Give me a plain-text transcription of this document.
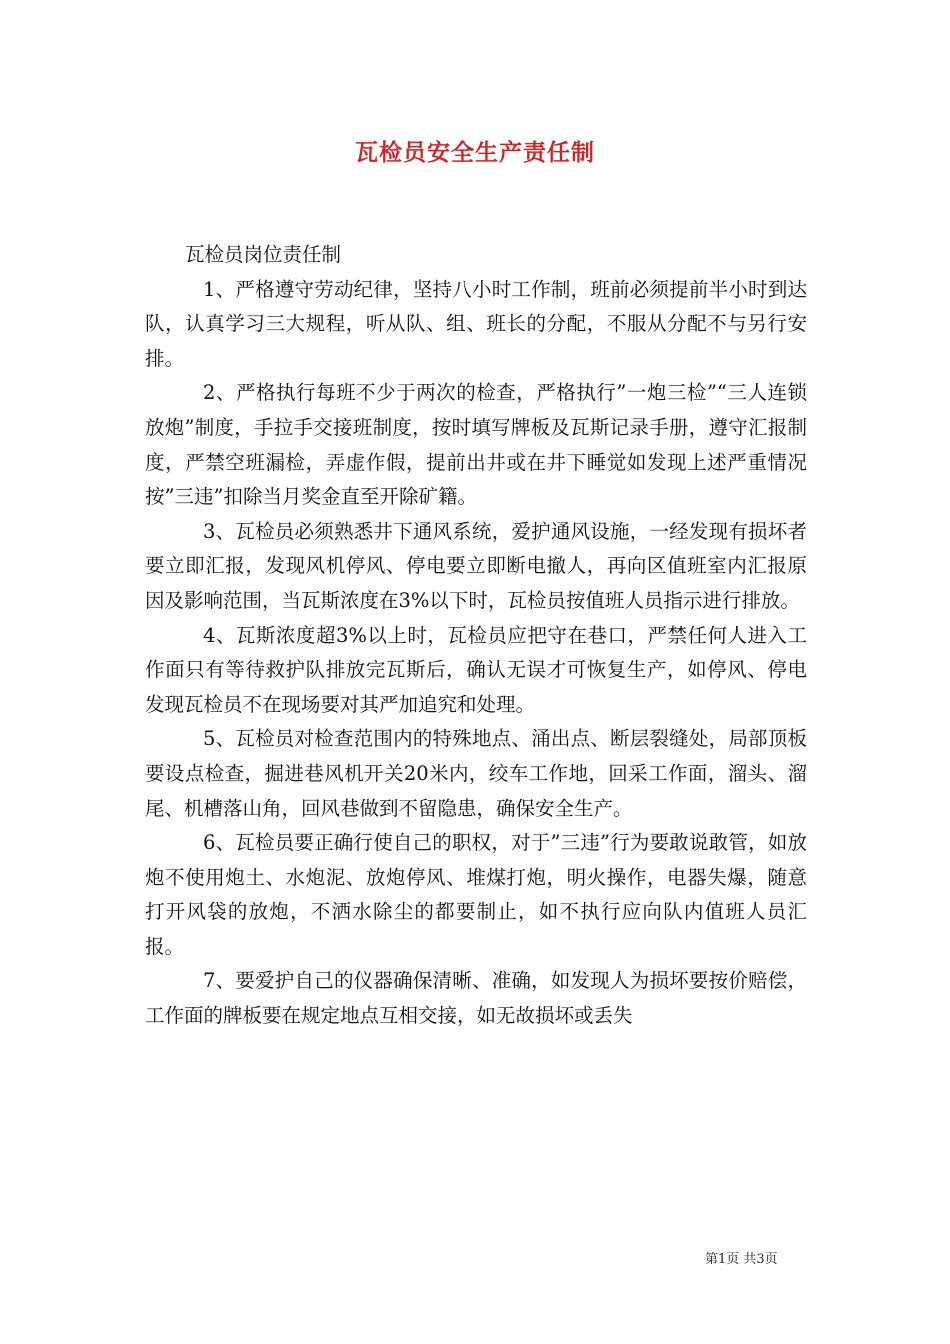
瓦检员安全生产责任制
瓦检员岗位责任制

1、严格遵守劳动纪律，坚持八小时工作制，班前必须提前半小时到达队，认真学习三大规程，听从队、组、班长的分配，不服从分配不与另行安排。

2、严格执行每班不少于两次的检查，严格执行”一炮三检”“三人连锁放炮”制度，手拉手交接班制度，按时填写牌板及瓦斯记录手册，遵守汇报制度，严禁空班漏检，弄虚作假，提前出井或在井下睡觉如发现上述严重情况按”三违”扣除当月奖金直至开除矿籍。

3、瓦检员必须熟悉井下通风系统，爱护通风设施，一经发现有损坏者要立即汇报，发现风机停风、停电要立即断电撤人，再向区值班室内汇报原因及影响范围，当瓦斯浓度在3%以下时，瓦检员按值班人员指示进行排放。

4、瓦斯浓度超3%以上时，瓦检员应把守在巷口，严禁任何人进入工作面只有等待救护队排放完瓦斯后，确认无误才可恢复生产，如停风、停电发现瓦检员不在现场要对其严加追究和处理。

5、瓦检员对检查范围内的特殊地点、涌出点、断层裂缝处，局部顶板要设点检查，掘进巷风机开关20米内，绞车工作地，回采工作面，溜头、溜尾、机槽落山角，回风巷做到不留隐患，确保安全生产。

6、瓦检员要正确行使自己的职权，对于”三违”行为要敢说敢管，如放炮不使用炮土、水炮泥、放炮停风、堆煤打炮，明火操作，电器失爆，随意打开风袋的放炮，不洒水除尘的都要制止，如不执行应向队内值班人员汇报。

7、要爱护自己的仪器确保清晰、准确，如发现人为损坏要按价赔偿，工作面的牌板要在规定地点互相交接，如无故损坏或丢失

第1页 共3页
